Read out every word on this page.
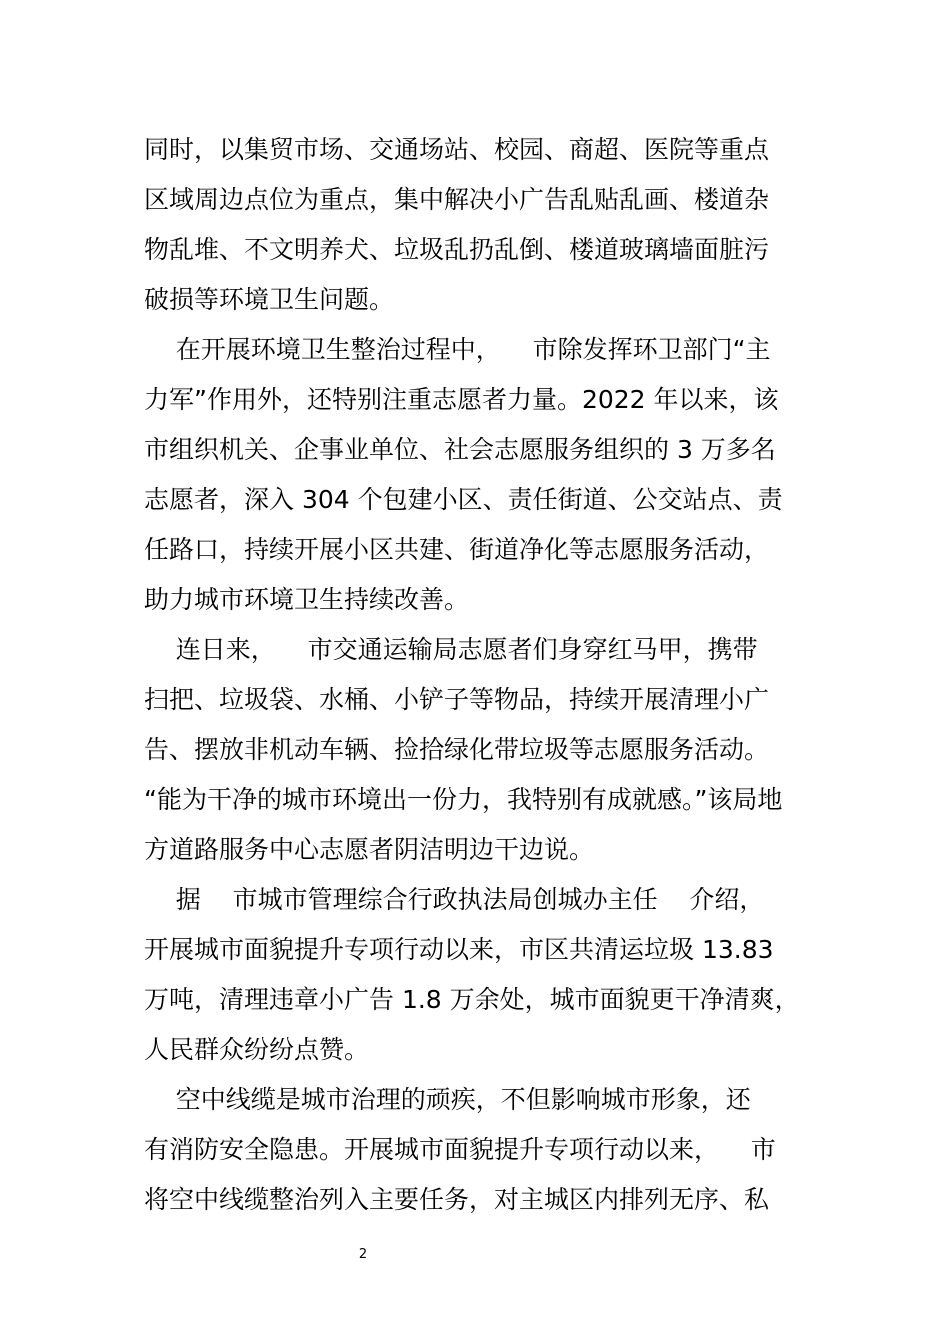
同时，以集贸市场、交通场站、校园、商超、医院等重点
区域周边点位为重点，集中解决小广告乱贴乱画、楼道杂
物乱堆、不文明养犬、垃圾乱扔乱倒、楼道玻璃墙面脏污
破损等环境卫生问题。
在开展环境卫生整治过程中，    市除发挥环卫部门“主
力军”作用外，还特别注重志愿者力量。2022 年以来，该
市组织机关、企事业单位、社会志愿服务组织的 3 万多名
志愿者，深入 304 个包建小区、责任街道、公交站点、责
任路口，持续开展小区共建、街道净化等志愿服务活动，
助力城市环境卫生持续改善。
连日来，    市交通运输局志愿者们身穿红马甲，携带
扫把、垃圾袋、水桶、小铲子等物品，持续开展清理小广
告、摆放非机动车辆、捡拾绿化带垃圾等志愿服务活动。
“能为干净的城市环境出一份力，我特别有成就感。”该局地
方道路服务中心志愿者阴洁明边干边说。
据    市城市管理综合行政执法局创城办主任    介绍，
开展城市面貌提升专项行动以来，市区共清运垃圾 13.83
万吨，清理违章小广告 1.8 万余处，城市面貌更干净清爽，
人民群众纷纷点赞。
空中线缆是城市治理的顽疾，不但影响城市形象，还
有消防安全隐患。开展城市面貌提升专项行动以来，    市
将空中线缆整治列入主要任务，对主城区内排列无序、私
2
